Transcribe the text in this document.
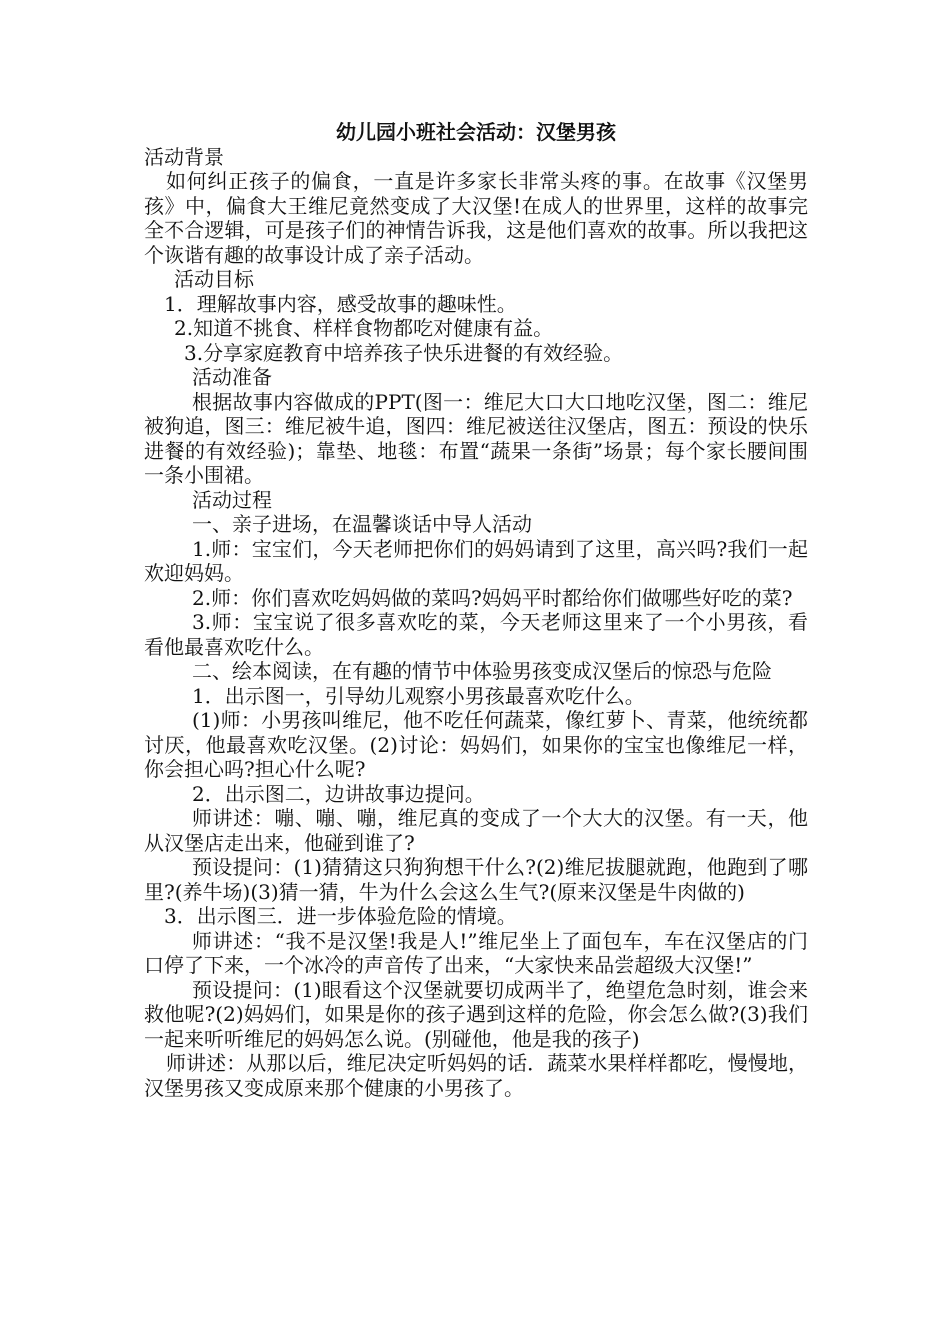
幼儿园小班社会活动：汉堡男孩

活动背景

如何纠正孩子的偏食，一直是许多家长非常头疼的事。在故事《汉堡男孩》中，偏食大王维尼竟然变成了大汉堡!在成人的世界里，这样的故事完全不合逻辑，可是孩子们的神情告诉我，这是他们喜欢的故事。所以我把这个诙谐有趣的故事设计成了亲子活动。

活动目标

1．理解故事内容，感受故事的趣味性。

2.知道不挑食、样样食物都吃对健康有益。

3.分享家庭教育中培养孩子快乐进餐的有效经验。

活动准备

根据故事内容做成的PPT(图一：维尼大口大口地吃汉堡，图二：维尼被狗追，图三：维尼被牛追，图四：维尼被送往汉堡店，图五：预设的快乐进餐的有效经验)；靠垫、地毯：布置“蔬果一条街”场景；每个家长腰间围一条小围裙。

活动过程

一、亲子进场，在温馨谈话中导人活动

1.师：宝宝们，今天老师把你们的妈妈请到了这里，高兴吗?我们一起欢迎妈妈。

2.师：你们喜欢吃妈妈做的菜吗?妈妈平时都给你们做哪些好吃的菜?

3.师：宝宝说了很多喜欢吃的菜，今天老师这里来了一个小男孩，看看他最喜欢吃什么。

二、绘本阅读，在有趣的情节中体验男孩变成汉堡后的惊恐与危险

1．出示图一，引导幼儿观察小男孩最喜欢吃什么。

(1)师：小男孩叫维尼，他不吃任何蔬菜，像红萝卜、青菜，他统统都讨厌，他最喜欢吃汉堡。(2)讨论：妈妈们，如果你的宝宝也像维尼一样，你会担心吗?担心什么呢?

2．出示图二，边讲故事边提问。

师讲述：嘣、嘣、嘣，维尼真的变成了一个大大的汉堡。有一天，他从汉堡店走出来，他碰到谁了?

预设提问：(1)猜猜这只狗狗想干什么?(2)维尼拔腿就跑，他跑到了哪里?(养牛场)(3)猜一猜，牛为什么会这么生气?(原来汉堡是牛肉做的)

3．出示图三．进一步体验危险的情境。

师讲述：“我不是汉堡!我是人!”维尼坐上了面包车，车在汉堡店的门口停了下来，一个冰冷的声音传了出来，“大家快来品尝超级大汉堡!”

预设提问：(1)眼看这个汉堡就要切成两半了，绝望危急时刻，谁会来救他呢?(2)妈妈们，如果是你的孩子遇到这样的危险，你会怎么做?(3)我们一起来听听维尼的妈妈怎么说。(别碰他，他是我的孩子)

师讲述：从那以后，维尼决定听妈妈的话．蔬菜水果样样都吃，慢慢地，汉堡男孩又变成原来那个健康的小男孩了。
